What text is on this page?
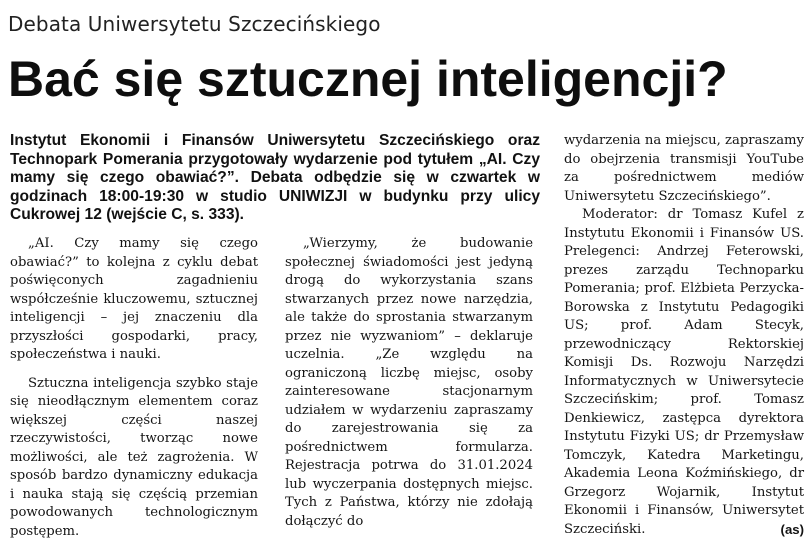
Debata Uniwersytetu Szczecińskiego
Bać się sztucznej inteligencji?
Instytut Ekonomii i Finansów Uniwersytetu Szczecińskiego oraz Technopark Pomerania przygotowały wydarzenie pod tytułem „AI. Czy mamy się czego obawiać?”. Debata odbędzie się w czwartek w godzinach 18:00-19:30 w studio UNIWIZJI w budynku przy ulicy Cukrowej 12 (wejście C, s. 333).

„AI. Czy mamy się czego obawiać?” to kolejna z cyklu debat poświęconych zagadnieniu współcześnie kluczowemu, sztucznej inteligencji – jej znaczeniu dla przyszłości gospodarki, pracy, społeczeństwa i nauki.

Sztuczna inteligencja szybko staje się nieodłącznym elementem coraz większej części naszej rzeczywistości, tworząc nowe możliwości, ale też zagrożenia. W sposób bardzo dynamiczny edukacja i nauka stają się częścią przemian powodowanych technologicznym postępem.

„Wierzymy, że budowanie społecznej świadomości jest jedyną drogą do wykorzystania szans stwarzanych przez nowe narzędzia, ale także do sprostania stwarzanym przez nie wyzwaniom” – deklaruje uczelnia. „Ze względu na ograniczoną liczbę miejsc, osoby zainteresowane stacjonarnym udziałem w wydarzeniu zapraszamy do zarejestrowania się za pośrednictwem formularza. Rejestracja potrwa do 31.01.2024 lub wyczerpania dostępnych miejsc. Tych z Państwa, którzy nie zdołają dołączyć do

wydarzenia na miejscu, zapraszamy do obejrzenia transmisji YouTube za pośrednictwem mediów Uniwersytetu Szczecińskiego”.

Moderator: dr Tomasz Kufel z Instytutu Ekonomii i Finansów US. Prelegenci: Andrzej Feterowski, prezes zarządu Technoparku Pomerania; prof. Elżbieta Perzycka-Borowska z Instytutu Pedagogiki US; prof. Adam Stecyk, przewodniczący Rektorskiej Komisji Ds. Rozwoju Narzędzi Informatycznych w Uniwersytecie Szczecińskim; prof. Tomasz Denkiewicz, zastępca dyrektora Instytutu Fizyki US; dr Przemysław Tomczyk, Katedra Marketingu, Akademia Leona Koźmińskiego, dr Grzegorz Wojarnik, Instytut Ekonomii i Finansów, Uniwersytet Szczeciński.	(as)
